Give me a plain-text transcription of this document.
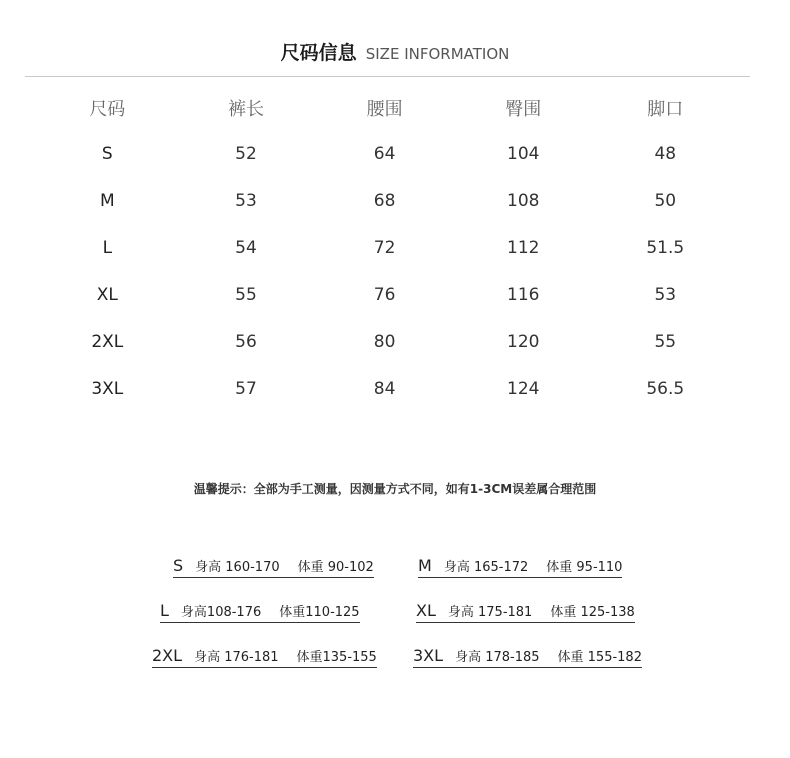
尺码信息 SIZE INFORMATION
尺码	裤长	腰围	臀围	脚口
S	52	64	104	48
M	53	68	108	50
L	54	72	112	51.5
XL	55	76	116	53
2XL	56	80	120	55
3XL	57	84	124	56.5
温馨提示：全部为手工测量，因测量方式不同，如有1-3CM误差属合理范围
S 身高 160-170 体重 90-102	M 身高 165-172 体重 95-110
L 身高108-176 体重110-125	XL 身高 175-181 体重 125-138
2XL 身高 176-181 体重135-155 3XL 身高 178-185 体重 155-182
